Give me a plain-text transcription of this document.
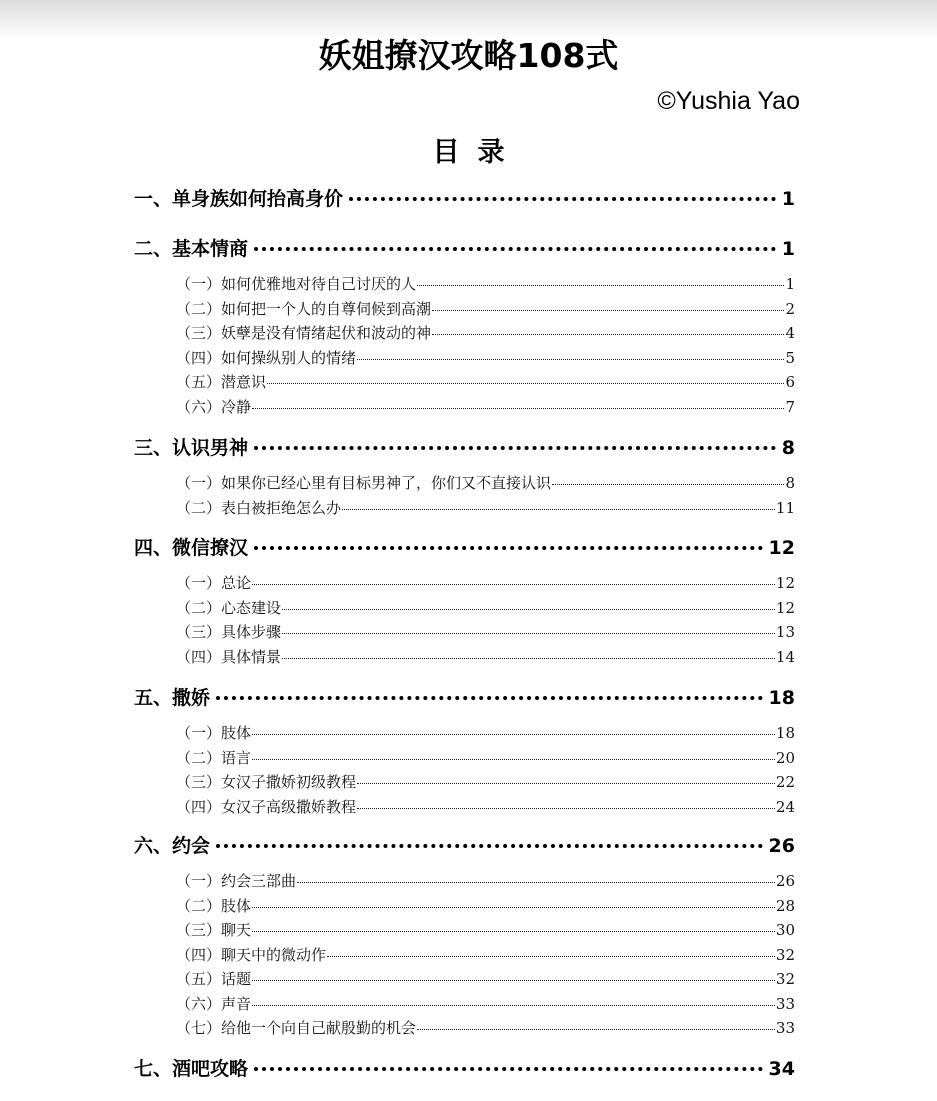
妖姐撩汉攻略108式
©Yushia Yao
目 录
一、单身族如何抬高身价	1
二、基本情商	1
（一）如何优雅地对待自己讨厌的人	1
（二）如何把一个人的自尊伺候到高潮	2
（三）妖孽是没有情绪起伏和波动的神	4
（四）如何操纵别人的情绪	5
（五）潜意识	6
（六）冷静	7
三、认识男神	8
（一）如果你已经心里有目标男神了，你们又不直接认识	8
（二）表白被拒绝怎么办	11
四、微信撩汉	12
（一）总论	12
（二）心态建设	12
（三）具体步骤	13
（四）具体情景	14
五、撒娇	18
（一）肢体	18
（二）语言	20
（三）女汉子撒娇初级教程	22
（四）女汉子高级撒娇教程	24
六、约会	26
（一）约会三部曲	26
（二）肢体	28
（三）聊天	30
（四）聊天中的微动作	32
（五）话题	32
（六）声音	33
（七）给他一个向自己献殷勤的机会	33
七、酒吧攻略	34
